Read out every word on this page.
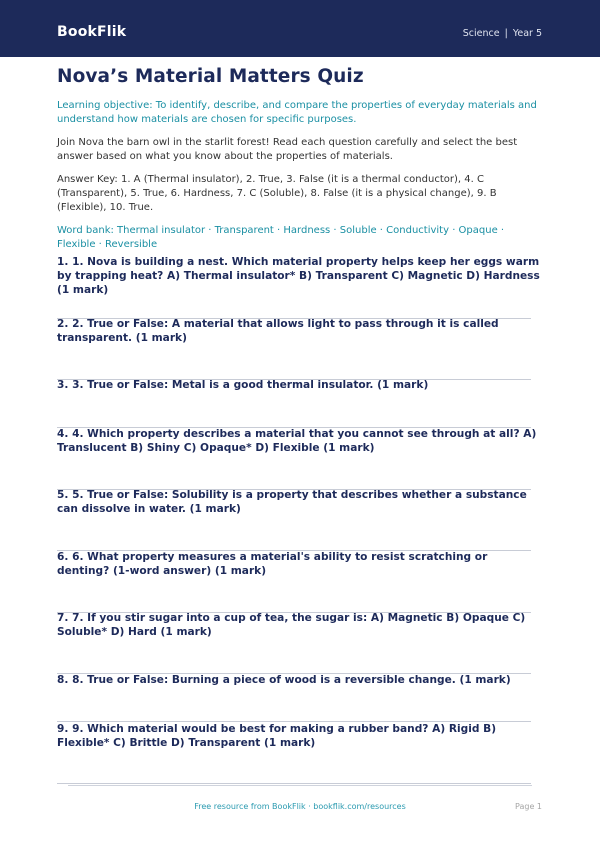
BookFlik	Science | Year 5
Nova’s Material Matters Quiz

Learning objective: To identify, describe, and compare the properties of everyday materials and understand how materials are chosen for specific purposes.

Join Nova the barn owl in the starlit forest! Read each question carefully and select the best answer based on what you know about the properties of materials.

Answer Key: 1. A (Thermal insulator), 2. True, 3. False (it is a thermal conductor), 4. C (Transparent), 5. True, 6. Hardness, 7. C (Soluble), 8. False (it is a physical change), 9. B (Flexible), 10. True.

Word bank: Thermal insulator · Transparent · Hardness · Soluble · Conductivity · Opaque · Flexible · Reversible

1. 1. Nova is building a nest. Which material property helps keep her eggs warm by trapping heat? A) Thermal insulator* B) Transparent C) Magnetic D) Hardness (1 mark)
2. 2. True or False: A material that allows light to pass through it is called transparent. (1 mark)
3. 3. True or False: Metal is a good thermal insulator. (1 mark)
4. 4. Which property describes a material that you cannot see through at all? A) Translucent B) Shiny C) Opaque* D) Flexible (1 mark)
5. 5. True or False: Solubility is a property that describes whether a substance can dissolve in water. (1 mark)
6. 6. What property measures a material's ability to resist scratching or denting? (1-word answer) (1 mark)
7. 7. If you stir sugar into a cup of tea, the sugar is: A) Magnetic B) Opaque C) Soluble* D) Hard (1 mark)
8. 8. True or False: Burning a piece of wood is a reversible change. (1 mark)
9. 9. Which material would be best for making a rubber band? A) Rigid B) Flexible* C) Brittle D) Transparent (1 mark)
Free resource from BookFlik · bookflik.com/resources	Page 1
